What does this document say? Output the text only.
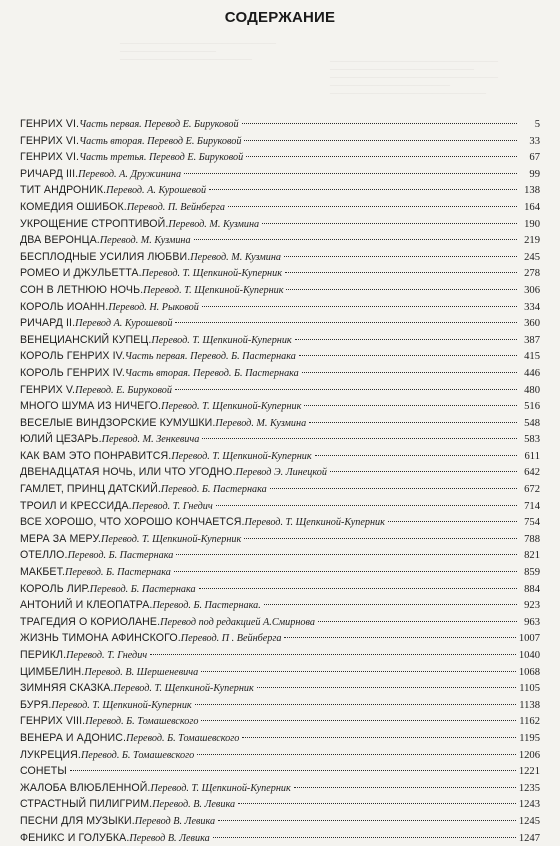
СОДЕРЖАНИЕ
――――――――――――――――――――――――――
――――――――――――――――
――――――――――――――――――――――	――――――――――――――――――――――――――――
――――――――――――――――――――――――
――――――――――――――――――――――――――――
――――――――――――――――――――
――――――――――――――――――――――――――
ГЕНРИХ VI. Часть первая. Перевод Е. Бируковой	5
ГЕНРИХ VI. Часть вторая. Перевод Е. Бируковой	33
ГЕНРИХ VI. Часть третья. Перевод Е. Бируковой	67
РИЧАРД III. Перевод. А. Дружинина	99
ТИТ АНДРОНИК. Перевод. А. Курошевой	138
КОМЕДИЯ ОШИБОК. Перевод. П. Вейнберга	164
УКРОЩЕНИЕ СТРОПТИВОЙ. Перевод. М. Кузмина	190
ДВА ВЕРОНЦА. Перевод. М. Кузмина	219
БЕСПЛОДНЫЕ УСИЛИЯ ЛЮБВИ. Перевод. М. Кузмина	245
РОМЕО И ДЖУЛЬЕТТА. Перевод. Т. Щепкиной-Куперник	278
СОН В ЛЕТНЮЮ НОЧЬ. Перевод. Т. Щепкиной-Куперник	306
КОРОЛЬ ИОАНН. Перевод. Н. Рыковой	334
РИЧАРД II. Перевод А. Курошевой	360
ВЕНЕЦИАНСКИЙ КУПЕЦ. Перевод. Т. Щепкиной-Куперник	387
КОРОЛЬ ГЕНРИХ IV. Часть первая. Перевод. Б. Пастернака	415
КОРОЛЬ ГЕНРИХ IV. Часть вторая. Перевод. Б. Пастернака	446
ГЕНРИХ V. Перевод. Е. Бируковой	480
МНОГО ШУМА ИЗ НИЧЕГО. Перевод. Т. Щепкиной-Куперник	516
ВЕСЕЛЫЕ ВИНДЗОРСКИЕ КУМУШКИ. Перевод. М. Кузмина	548
ЮЛИЙ ЦЕЗАРЬ. Перевод. М. Зенкевича	583
КАК ВАМ ЭТО ПОНРАВИТСЯ. Перевод. Т. Щепкиной-Куперник	611
ДВЕНАДЦАТАЯ НОЧЬ, ИЛИ ЧТО УГОДНО. Перевод Э. Линецкой	642
ГАМЛЕТ, ПРИНЦ ДАТСКИЙ. Перевод. Б. Пастернака	672
ТРОИЛ И КРЕССИДА. Перевод. Т. Гнедич	714
ВСЕ ХОРОШО, ЧТО ХОРОШО КОНЧАЕТСЯ. Перевод. Т. Щепкиной-Куперник	754
МЕРА ЗА МЕРУ. Перевод. Т. Щепкиной-Куперник	788
ОТЕЛЛО. Перевод. Б. Пастернака	821
МАКБЕТ. Перевод. Б. Пастернака	859
КОРОЛЬ ЛИР. Перевод. Б. Пастернака	884
АНТОНИЙ И КЛЕОПАТРА. Перевод. Б. Пастернака.	923
ТРАГЕДИЯ О КОРИОЛАНЕ. Перевод под редакцией А.Смирнова	963
ЖИЗНЬ ТИМОНА АФИНСКОГО. Перевод. П . Вейнберга	1007
ПЕРИКЛ. Перевод. Т. Гнедич	1040
ЦИМБЕЛИН. Перевод. В. Шершеневича	1068
ЗИМНЯЯ СКАЗКА. Перевод. Т. Щепкиной-Куперник	1105
БУРЯ. Перевод. Т. Щепкиной-Куперник	1138
ГЕНРИХ VIII. Перевод. Б. Томашевского	1162
ВЕНЕРА И АДОНИС. Перевод. Б. Томашевского	1195
ЛУКРЕЦИЯ. Перевод. Б. Томашевского	1206
СОНЕТЫ	1221
ЖАЛОБА ВЛЮБЛЕННОЙ. Перевод. Т. Щепкиной-Куперник	1235
СТРАСТНЫЙ ПИЛИГРИМ. Перевод. В. Левика	1243
ПЕСНИ ДЛЯ МУЗЫКИ. Перевод В. Левика	1245
ФЕНИКС И ГОЛУБКА. Перевод В. Левика	1247
